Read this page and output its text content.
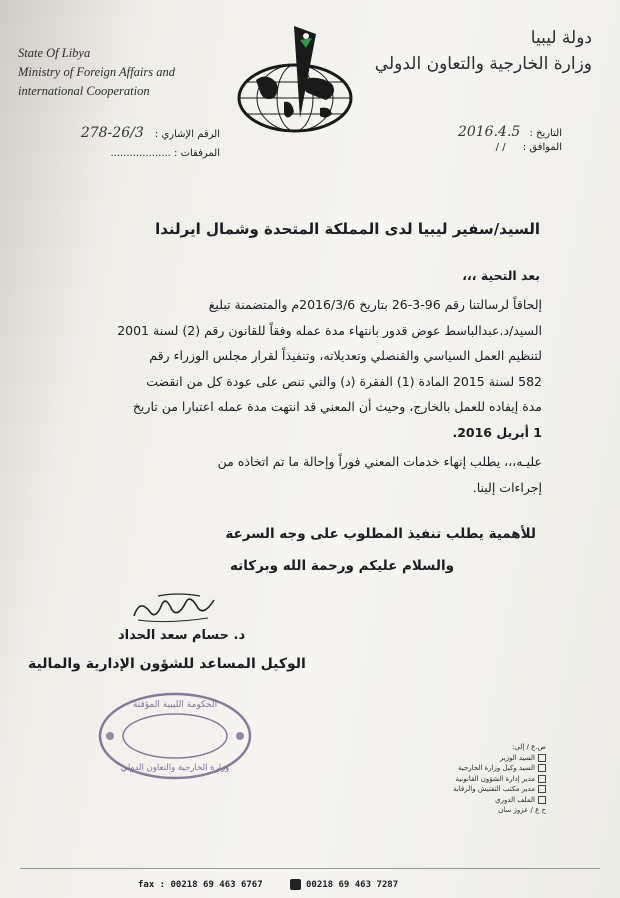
State Of Libya
Ministry of Foreign Affairs and
international Cooperation
دولة ليبيا
وزارة الخارجية والتعاون الدولي
الرقم الإشاري : 26/3-278
المرفقات : ...................
التاريخ : 2016.4.5
الموافق : / /
السيد/سفير ليبيا لدى المملكة المتحدة وشمال ايرلندا
بعد التحية ،،،
إلحاقاً لرسالتنا رقم 96-3-26 بتاريخ 2016/3/6م والمتضمنة تبليغ
السيد/د.عبدالباسط عوض قدور بانتهاء مدة عمله وفقاً للقانون رقم (2) لسنة 2001
لتنظيم العمل السياسي والقنصلي وتعديلاته، وتنفيذاً لقرار مجلس الوزراء رقم
582 لسنة 2015 المادة (1) الفقرة (د) والتي تنص على عودة كل من انقضت
مدة إيفاده للعمل بالخارج، وحيث أن المعني قد انتهت مدة عمله اعتبارا من تاريخ
1 أبريل 2016.
عليـه،،، يطلب إنهاء خدمات المعني فوراً وإحالة ما تم اتخاذه من
إجراءات إلينا.
للأهمية يطلب تنفيذ المطلوب على وجه السرعة
والسلام عليكم ورحمة الله وبركاته
د. حسام سعد الحداد
الوكيل المساعد للشؤون الإدارية والمالية
الحكومة الليبية المؤقتة
وزارة الخارجية والتعاون الدولي
ص.ع / إلى:
السيد الوزير
السيد وكيل وزارة الخارجية
مدير إدارة الشؤون القانونية
مدير مكتب التفتيش والرقابة
الملف الدوري
ح ع / عزوز سان
fax : 00218 69 463 6767	00218 69 463 7287
